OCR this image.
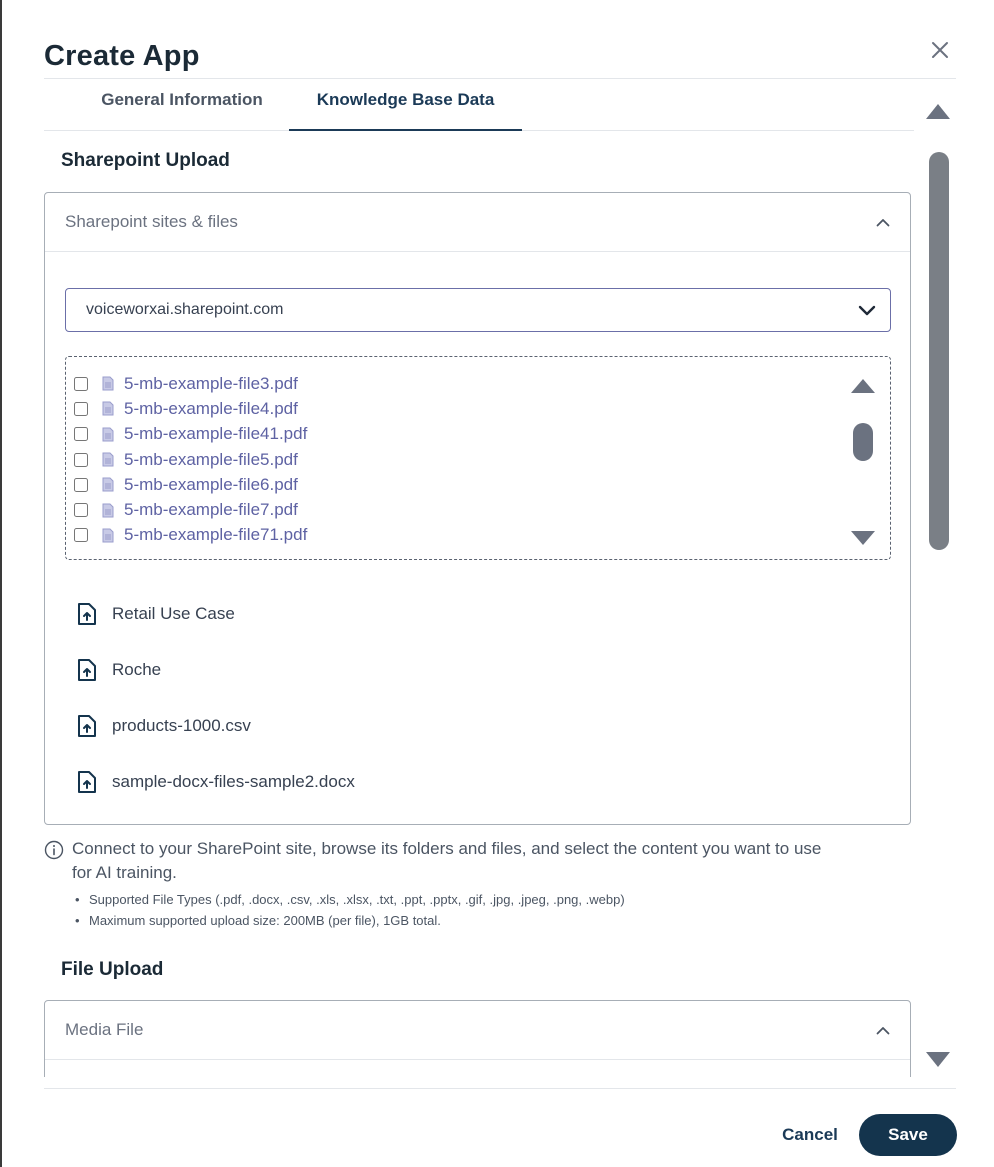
Create App
General Information	Knowledge Base Data
Sharepoint Upload
Sharepoint sites & files
voiceworxai.sharepoint.com
5-mb-example-file3.pdf
5-mb-example-file4.pdf
5-mb-example-file41.pdf
5-mb-example-file5.pdf
5-mb-example-file6.pdf
5-mb-example-file7.pdf
5-mb-example-file71.pdf
Retail Use Case
Roche
products-1000.csv
sample-docx-files-sample2.docx
Connect to your SharePoint site, browse its folders and files, and select the content you want to use for AI training.
• Supported File Types (.pdf, .docx, .csv, .xls, .xlsx, .txt, .ppt, .pptx, .gif, .jpg, .jpeg, .png, .webp)
• Maximum supported upload size: 200MB (per file), 1GB total.
File Upload
Media File
Cancel	Save
